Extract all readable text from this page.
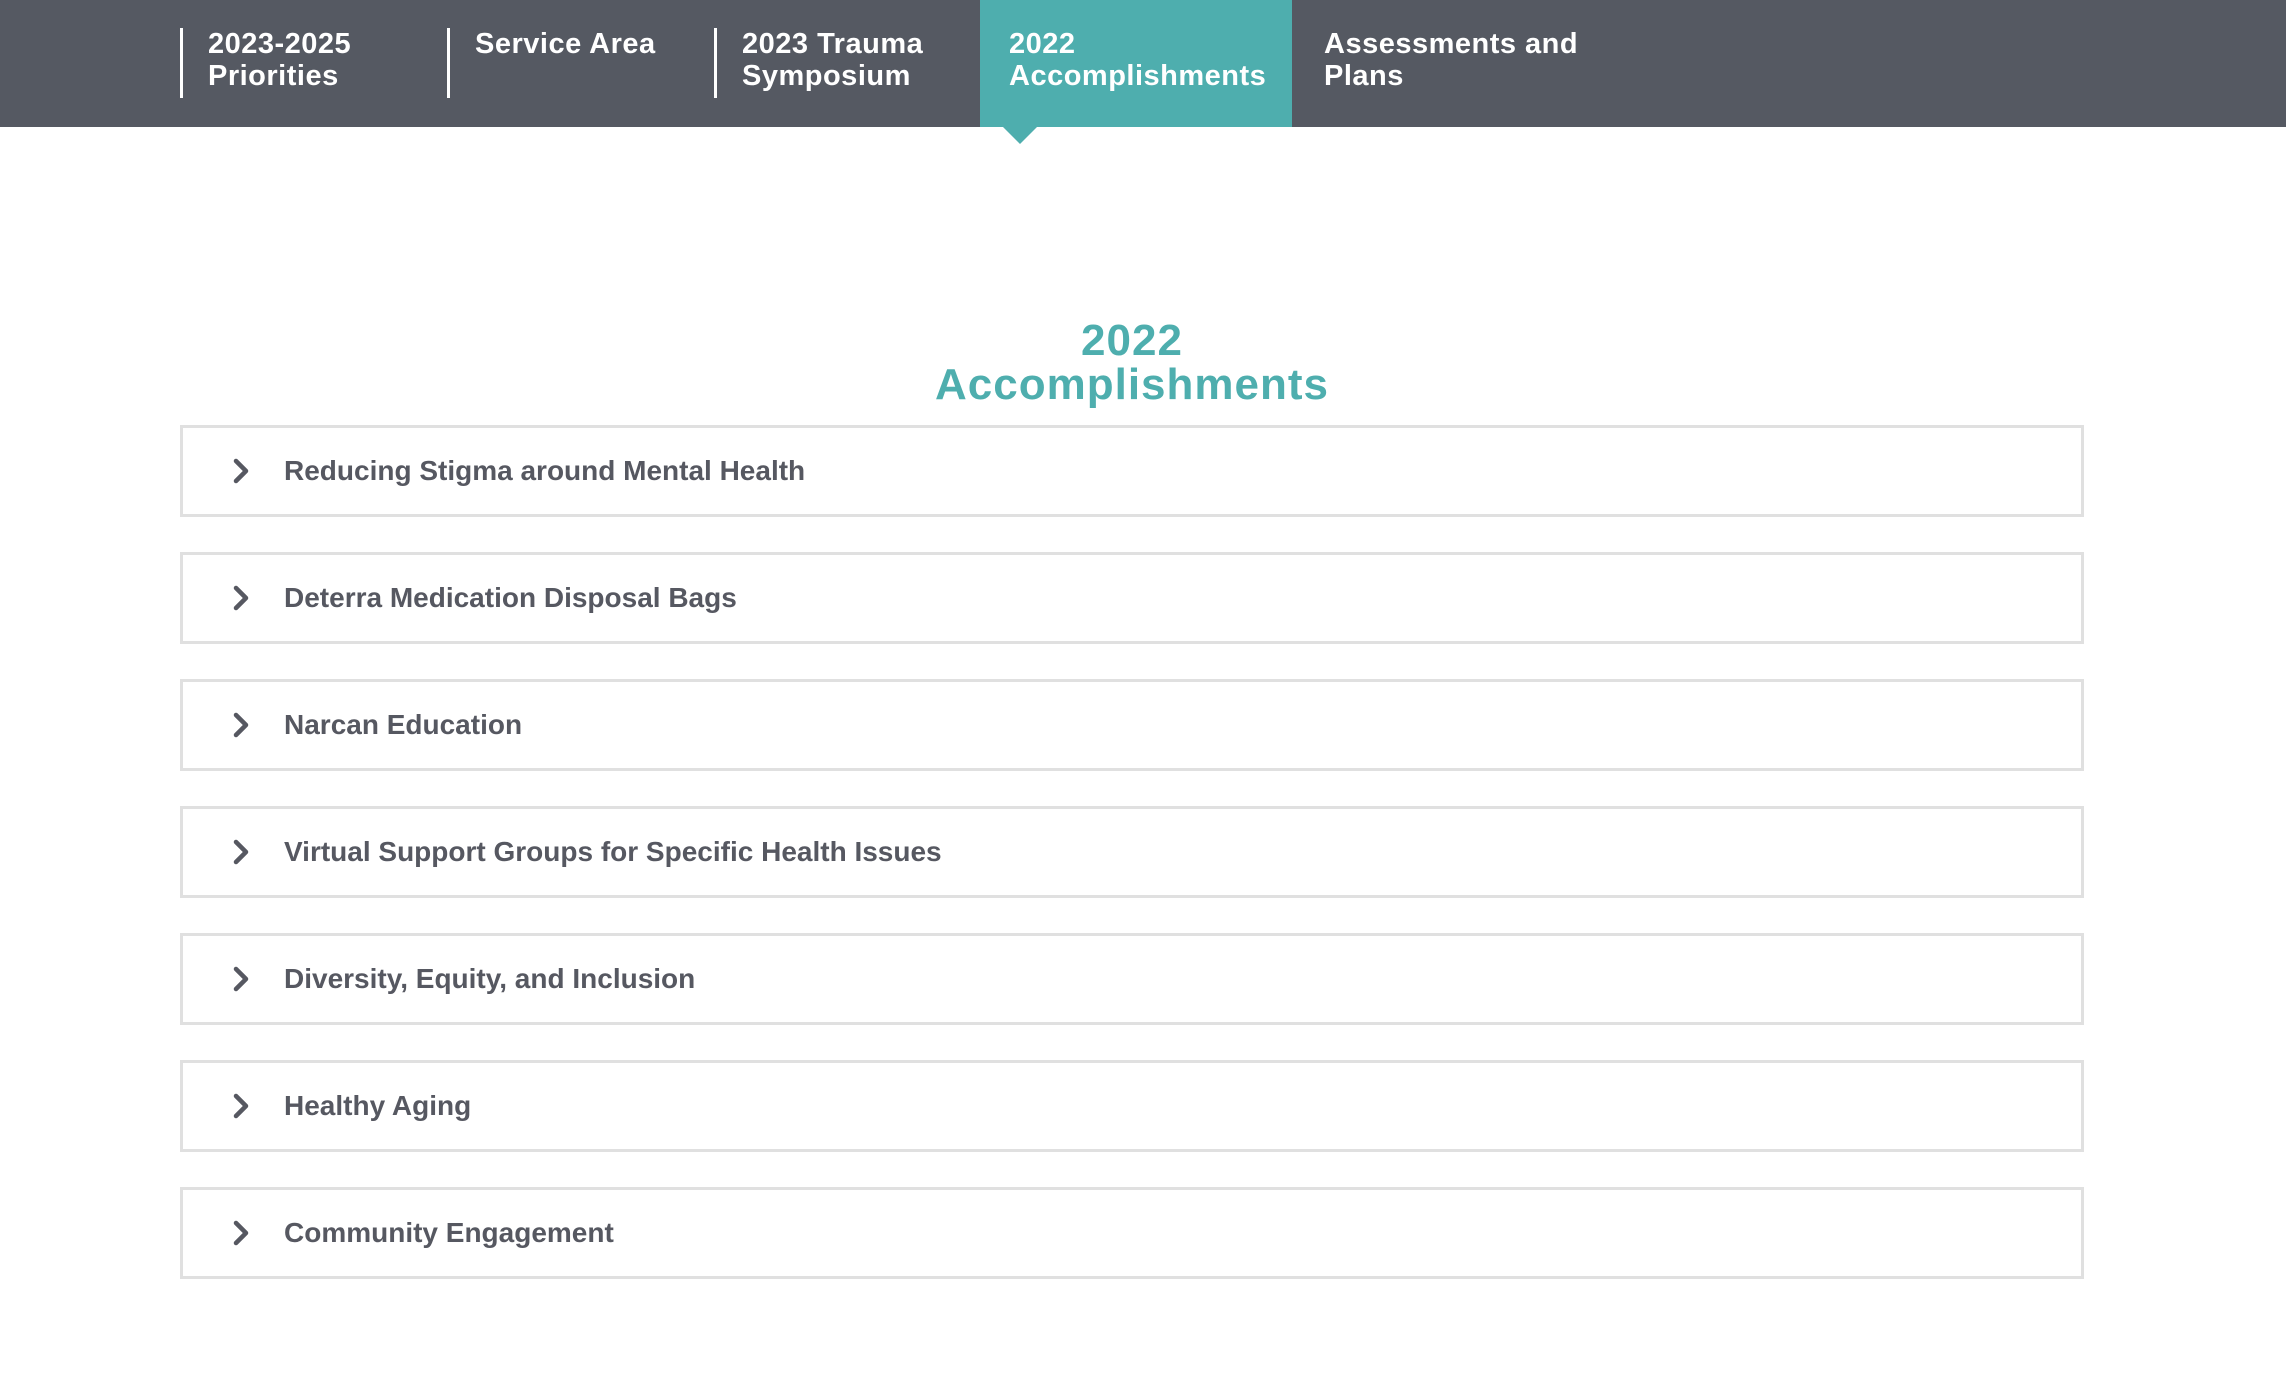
2023-2025
Priorities
Service Area	2023 Trauma
Symposium
2022
Accomplishments
Assessments and
Plans
2022
Accomplishments
Reducing Stigma around Mental Health
Deterra Medication Disposal Bags
Narcan Education
Virtual Support Groups for Specific Health Issues
Diversity, Equity, and Inclusion
Healthy Aging
Community Engagement
